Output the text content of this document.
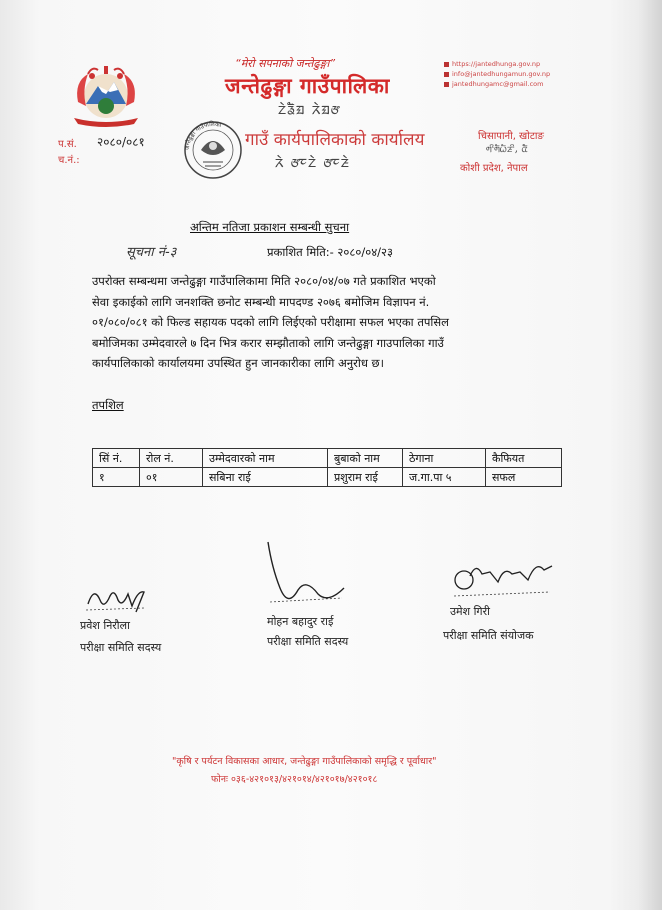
“मेरो सपनाको जन्तेढुङ्गा”
जन्तेढुङ्गा गाउँपालिका
ᤁᤧᤕ᤺ᤠᤀ ᤖᤧᤀᤅ
गाउँ कार्यपालिकाको कार्यालय
ᤖᤧ ᤅᤰᤁᤧ ᤅᤰᤏᤧ
जन्तेढुङ्गा गाउँपालिका
https://jantedhunga.gov.np
info@jantedhungamun.gov.np
jantedhungamc@gmail.com
प.सं. २०८०/०८१
च.नं.:
चिसापानी, खोटाङ
ᤛᤡᤛᤠᤐᤠᤏᤡ, ᤂᤠᤠ
कोशी प्रदेश, नेपाल
अन्तिम नतिजा प्रकाशन सम्बन्धी सुचना
सूचना नं-३	प्रकाशित मिति:- २०८०/०४/२३
उपरोक्त सम्बन्धमा जन्तेढुङ्गा गाउँपालिकामा मिति २०८०/०४/०७ गते प्रकाशित भएको
सेवा इकाईको लागि जनशक्ति छनोट सम्बन्धी मापदण्ड २०७६ बमोजिम विज्ञापन नं.
०१/०८०/०८१ को फिल्ड सहायक पदको लागि लिईएको परीक्षामा सफल भएका तपसिल
बमोजिमका उम्मेदवारले ७ दिन भित्र करार सम्झौताको लागि जन्तेढुङ्गा गाउपालिका गाउँ
कार्यपालिकाको कार्यालयमा उपस्थित हुन जानकारीका लागि अनुरोध छ।
तपशिल
सिं नं.	रोल नं.	उम्मेदवारको नाम	बुबाको नाम	ठेगाना	कैफियत
१	०१	सबिना राई	प्रशुराम राई	ज.गा.पा ५	सफल
Prabesh
प्रवेश निरौला
परीक्षा समिति सदस्य
M. Rai
मोहन बहादुर राई
परीक्षा समिति सदस्य
Umesh 2080/04/23
उमेश गिरी
परीक्षा समिति संयोजक
"कृषि र पर्यटन विकासका आधार, जन्तेढुङ्गा गाउँपालिकाको समृद्धि र पूर्वाधार"
फोनः ०३६-४२१०१३/४२१०१४/४२१०१७/४२१०१८
